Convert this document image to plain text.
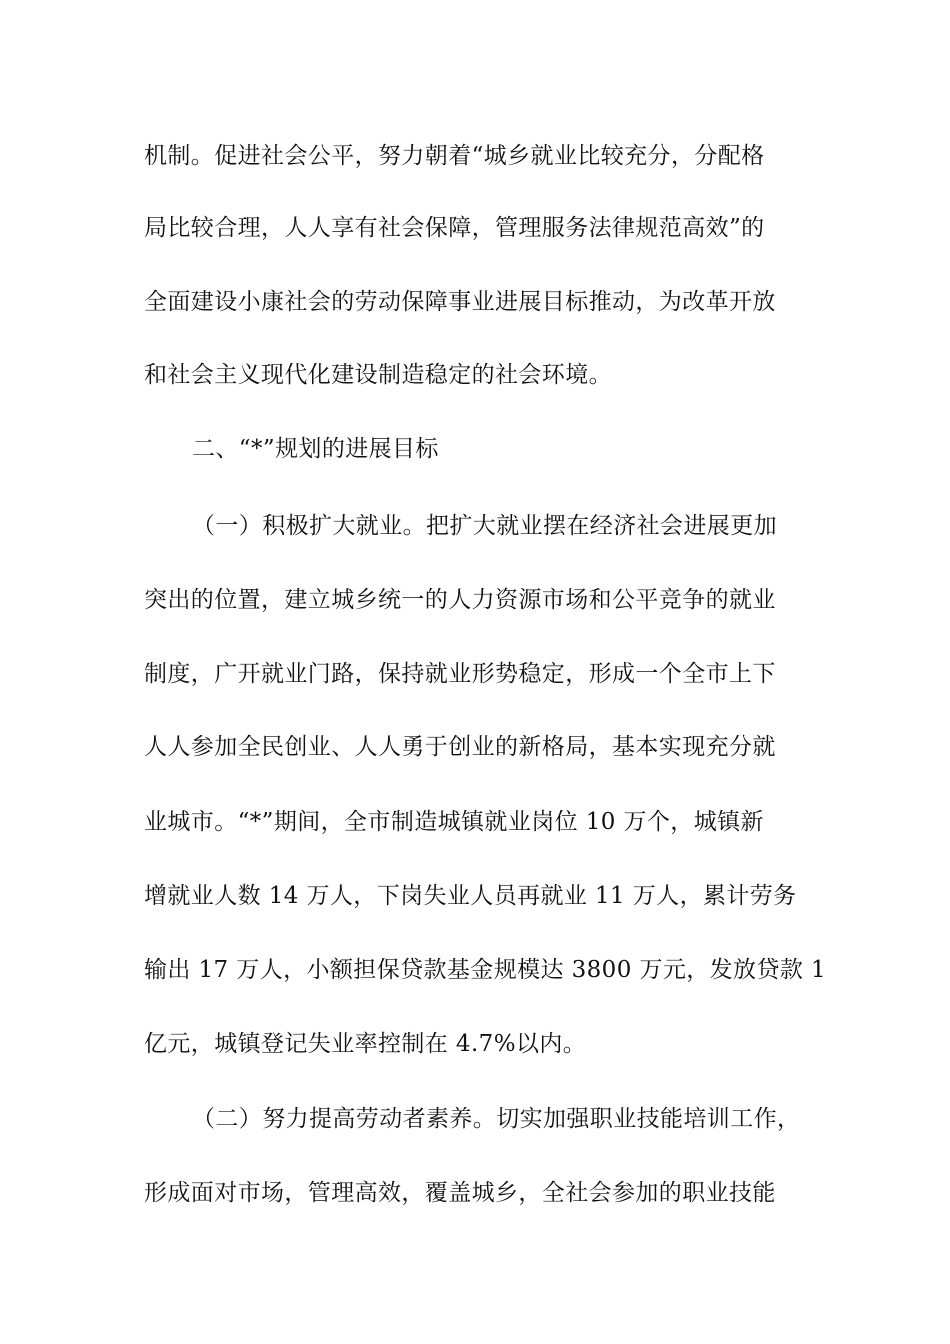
机制。促进社会公平，努力朝着“城乡就业比较充分，分配格
局比较合理，人人享有社会保障，管理服务法律规范高效”的
全面建设小康社会的劳动保障事业进展目标推动，为改革开放
和社会主义现代化建设制造稳定的社会环境。
二、“*”规划的进展目标
（一）积极扩大就业。把扩大就业摆在经济社会进展更加
突出的位置，建立城乡统一的人力资源市场和公平竞争的就业
制度，广开就业门路，保持就业形势稳定，形成一个全市上下
人人参加全民创业、人人勇于创业的新格局，基本实现充分就
业城市。“*”期间，全市制造城镇就业岗位 10 万个，城镇新
增就业人数 14 万人，下岗失业人员再就业 11 万人，累计劳务
输出 17 万人，小额担保贷款基金规模达 3800 万元，发放贷款 1
亿元，城镇登记失业率控制在 4.7%以内。
（二）努力提高劳动者素养。切实加强职业技能培训工作，
形成面对市场，管理高效，覆盖城乡，全社会参加的职业技能
